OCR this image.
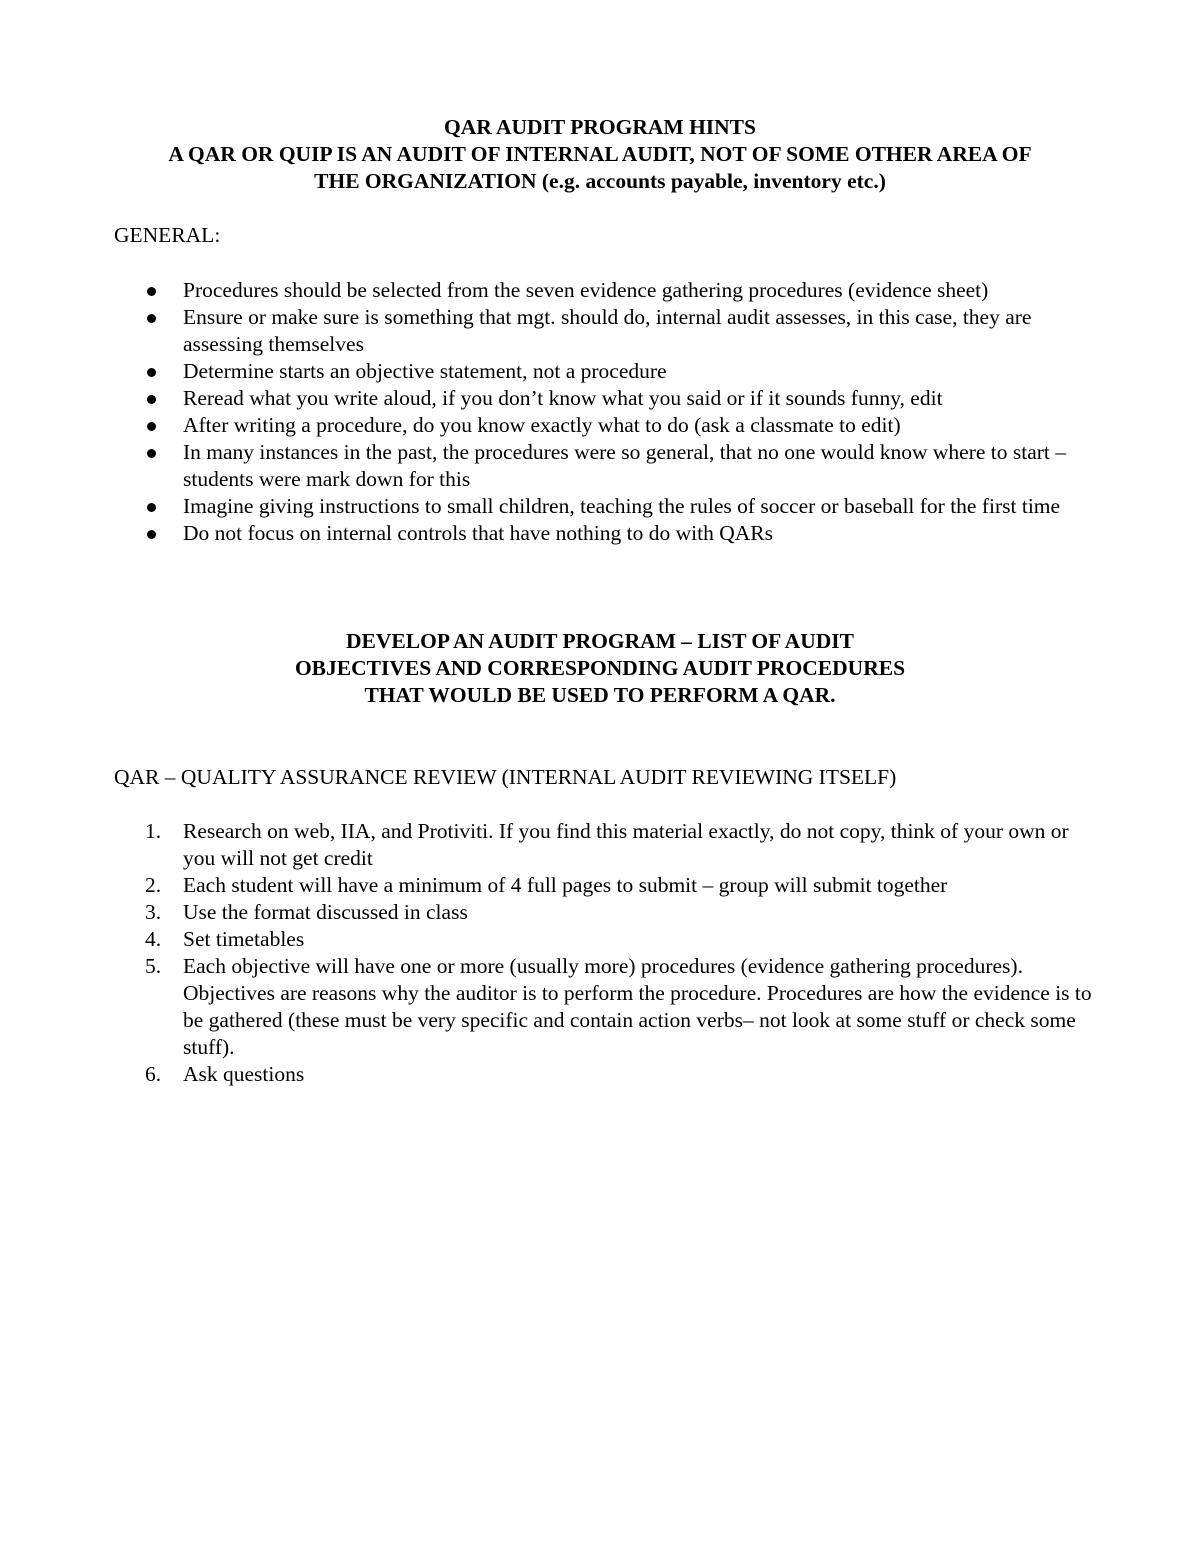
QAR AUDIT PROGRAM HINTS
A QAR OR QUIP IS AN AUDIT OF INTERNAL AUDIT, NOT OF SOME OTHER AREA OF
THE ORGANIZATION (e.g. accounts payable, inventory etc.)
GENERAL:
Procedures should be selected from the seven evidence gathering procedures (evidence sheet)
Ensure or make sure is something that mgt. should do, internal audit assesses, in this case, they are assessing themselves
Determine starts an objective statement, not a procedure
Reread what you write aloud, if you don’t know what you said or if it sounds funny, edit
After writing a procedure, do you know exactly what to do (ask a classmate to edit)
In many instances in the past, the procedures were so general, that no one would know where to start – students were mark down for this
Imagine giving instructions to small children, teaching the rules of soccer or baseball for the first time
Do not focus on internal controls that have nothing to do with QARs
DEVELOP AN AUDIT PROGRAM – LIST OF AUDIT
OBJECTIVES AND CORRESPONDING AUDIT PROCEDURES
THAT WOULD BE USED TO PERFORM A QAR.
QAR – QUALITY ASSURANCE REVIEW (INTERNAL AUDIT REVIEWING ITSELF)
1. Research on web, IIA, and Protiviti. If you find this material exactly, do not copy, think of your own or you will not get credit
2. Each student will have a minimum of 4 full pages to submit – group will submit together
3. Use the format discussed in class
4. Set timetables
5. Each objective will have one or more (usually more) procedures (evidence gathering procedures). Objectives are reasons why the auditor is to perform the procedure. Procedures are how the evidence is to be gathered (these must be very specific and contain action verbs– not look at some stuff or check some stuff).
6. Ask questions
